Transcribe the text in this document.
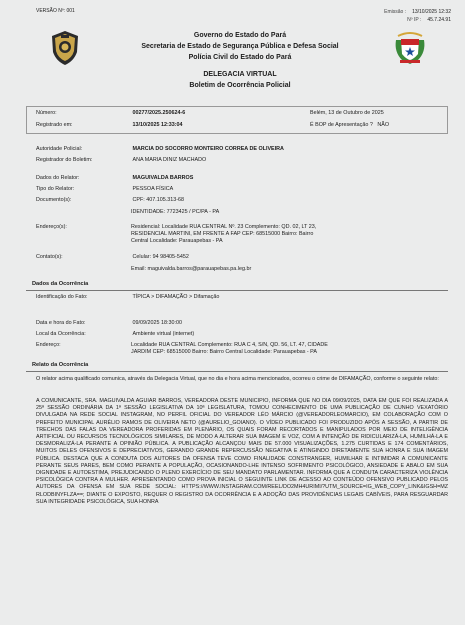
VERSÃO Nº: 001	Emissão : 13/10/2025 12:32
Nº IP : 45.7.24.91
Governo do Estado do Pará
Secretaria de Estado de Segurança Pública e Defesa Social
Polícia Civil do Estado do Pará
DELEGACIA VIRTUAL
Boletim de Ocorrência Policial
Número:	00277/2025.250624-6	Belém, 13 de Outubro de 2025
Registrado em:	13/10/2025 12:33:04	É BOP de Apresentação ? NÃO
Autoridade Policial:	MARCIA DO SOCORRO MONTEIRO CORREA DE OLIVEIRA
Registrador do Boletim:	ANA MARIA DINIZ MACHADO
Dados do Relator:	MAGUIVALDA BARROS
Tipo do Relator:	PESSOA FÍSICA
Documento(s):	CPF: 407.105.313-68
IDENTIDADE: 7723425 / PC/PA - PA
Endereço(s):	Residencial: Localidade RUA CENTRAL Nº. 23 Complemento: QD. 02, LT 23,
RESIDENCIAL MARTINI, EM FRENTE A FAP CEP: 68515000 Bairro: Bairro
Central Localidade: Parauapebas - PA
Contato(s):	Celular: 94 98405-5452
Email: maguivalda.barros@parauapebas.pa.leg.br
Dados da Ocorrência
Identificação do Fato:	TÍPICA > DIFAMAÇÃO > Difamação
Data e hora do Fato:	09/09/2025 18:30:00
Local da Ocorrência:	Ambiente virtual (internet)
Endereço:	Localidade RUA CENTRAL Complemento: RUA C 4, S/N, QD. 56, LT. 47, CIDADE
JARDIM CEP: 68515000 Bairro: Bairro Central Localidade: Parauapebas - PA
Relato da Ocorrência
O relator acima qualificado comunica, através da Delegacia Virtual, que no dia e hora acima mencionados, ocorreu o crime de DIFAMAÇÃO, conforme o seguinte relato:
A COMUNICANTE, SRA. MAGUIVALDA AGUIAR BARROS, VEREADORA DESTE MUNICÍPIO, INFORMA QUE NO DIA 09/09/2025, DATA EM QUE FOI REALIZADA A 25ª SESSÃO ORDINÁRIA DA 1ª SESSÃO LEGISLATIVA DA 10ª LEGISLATURA, TOMOU CONHECIMENTO DE UMA PUBLICAÇÃO DE CUNHO VEXATÓRIO DIVULGADA NA REDE SOCIAL INSTAGRAM, NO PERFIL OFICIAL DO VEREADOR LÉO MÁRCIO (@VEREADORLEOMARCIO), EM COLABORAÇÃO COM O PREFEITO MUNICIPAL AURÉLIO RAMOS DE OLIVEIRA NETO (@AURELIO_GOIANO). O VÍDEO PUBLICADO FOI PRODUZIDO APÓS A SESSÃO, A PARTIR DE TRECHOS DAS FALAS DA VEREADORA PROFERIDAS EM PLENÁRIO, OS QUAIS FORAM RECORTADOS E MANIPULADOS POR MEIO DE INTELIGÊNCIA ARTIFICIAL OU RECURSOS TECNOLÓGICOS SIMILARES, DE MODO A ALTERAR SUA IMAGEM E VOZ, COM A INTENÇÃO DE RIDICULARIZÁ-LA, HUMILHÁ-LA E DESMORALIZÁ-LA PERANTE A OPINIÃO PÚBLICA. A PUBLICAÇÃO ALCANÇOU MAIS DE 57.000 VISUALIZAÇÕES, 1.275 CURTIDAS E 174 COMENTÁRIOS, MUITOS DELES OFENSIVOS E DEPRECIATIVOS, GERANDO GRANDE REPERCUSSÃO NEGATIVA E ATINGINDO DIRETAMENTE SUA HONRA E SUA IMAGEM PÚBLICA. DESTACA QUE A CONDUTA DOS AUTORES DA OFENSA TEVE COMO FINALIDADE CONSTRANGER, HUMILHAR E INTIMIDAR A COMUNICANTE PERANTE SEUS PARES, BEM COMO PERANTE A POPULAÇÃO, OCASIONANDO-LHE INTENSO SOFRIMENTO PSICOLÓGICO, ANSIEDADE E ABALO EM SUA DIGNIDADE E AUTOESTIMA, PREJUDICANDO O PLENO EXERCÍCIO DE SEU MANDATO PARLAMENTAR. INFORMA QUE A CONDUTA CARACTERIZA VIOLÊNCIA PSICOLÓGICA CONTRA A MULHER. APRESENTANDO COMO PROVA INICIAL O SEGUINTE LINK DE ACESSO AO CONTEÚDO OFENSIVO PUBLICADO PELOS AUTORES DA OFENSA EM SUA REDE SOCIAL: HTTPS://WWW.INSTAGRAM.COM/REEL/DO2MH4URIMI/?UTM_SOURCE=IG_WEB_COPY_LINK&IGSH=MZ RLODBINYFLZA==; DIANTE O EXPOSTO, REQUER O REGISTRO DA OCORRÊNCIA E A ADOÇÃO DAS PROVIDÊNCIAS LEGAIS CABÍVEIS, PARA RESGUARDAR SUA INTEGRIDADE PSICOLÓGICA, SUA HONRA
